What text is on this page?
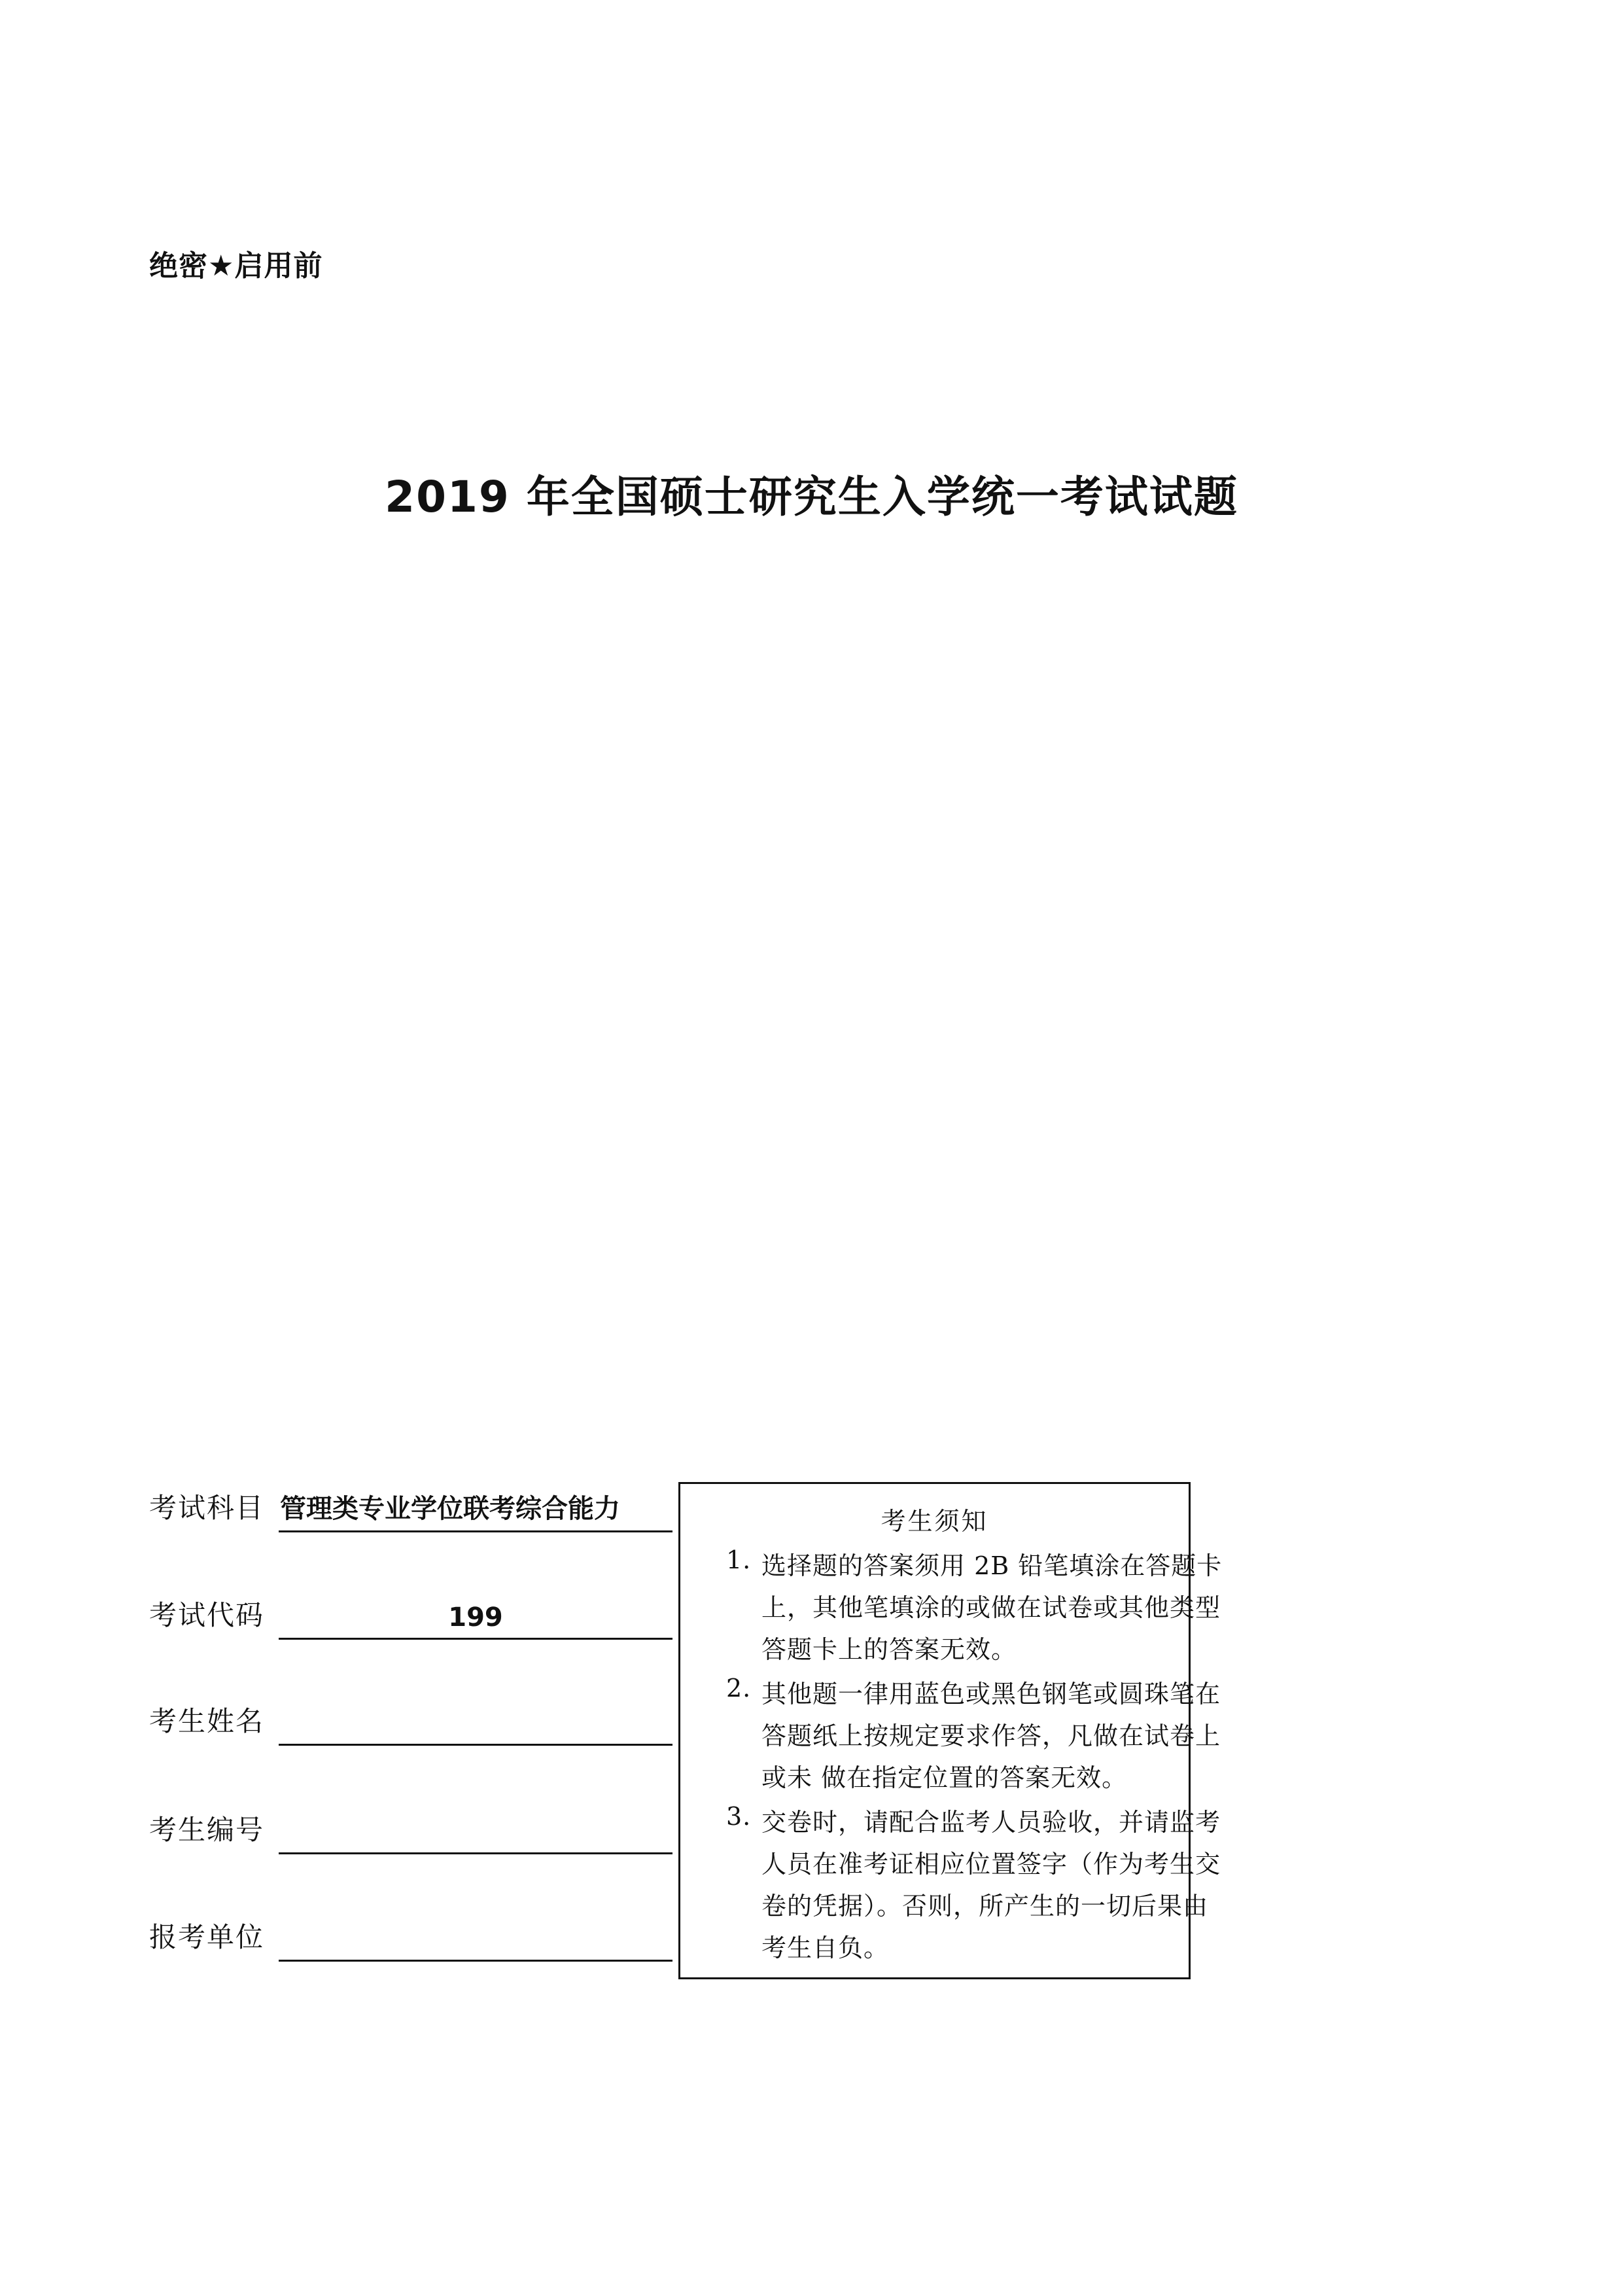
绝密★启用前
2019 年全国硕士研究生入学统一考试试题
考试科目 管理类专业学位联考综合能力
考试代码	199
考生姓名
考生编号
报考单位
考生须知
1. 选择题的答案须用 2B 铅笔填涂在答题卡
上，其他笔填涂的或做在试卷或其他类型
答题卡上的答案无效。
2. 其他题一律用蓝色或黑色钢笔或圆珠笔在
答题纸上按规定要求作答，凡做在试卷上
或未 做在指定位置的答案无效。
3. 交卷时，请配合监考人员验收，并请监考
人员在准考证相应位置签字（作为考生交
卷的凭据）。否则，所产生的一切后果由
考生自负。
